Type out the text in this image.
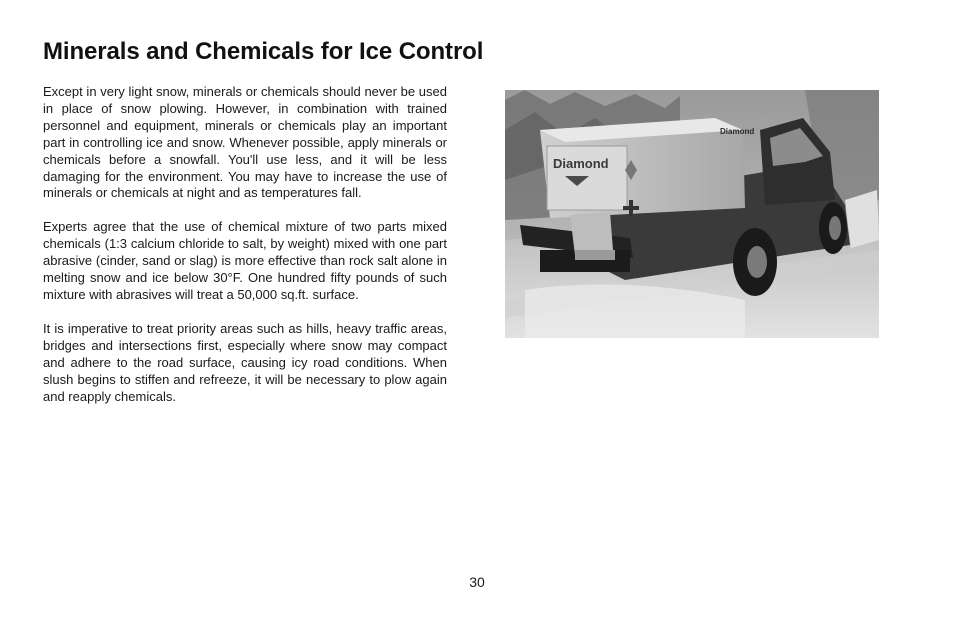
Minerals and Chemicals for Ice Control

Except in very light snow, minerals or chemicals should never be used in place of snow plowing. However, in combination with trained personnel and equipment, minerals or chemicals play an important part in controlling ice and snow. Whenever possible, apply minerals or chemicals before a snowfall. You'll use less, and it will be less damaging for the environment. You may have to increase the use of minerals or chemicals at night and as temperatures fall.

Experts agree that the use of chemical mixture of two parts mixed chemicals (1:3 calcium chloride to salt, by weight) mixed with one part abrasive (cinder, sand or slag) is more effective than rock salt alone in melting snow and ice below 30°F. One hundred fifty pounds of such mixture with abrasives will treat a 50,000 sq.ft. surface.

It is imperative to treat priority areas such as hills, heavy traffic areas, bridges and intersections first, especially where snow may compact and adhere to the road surface, causing icy road conditions. When slush begins to stiffen and refreeze, it will be necessary to plow again and reapply chemicals.

Diamond
Diamond
30
